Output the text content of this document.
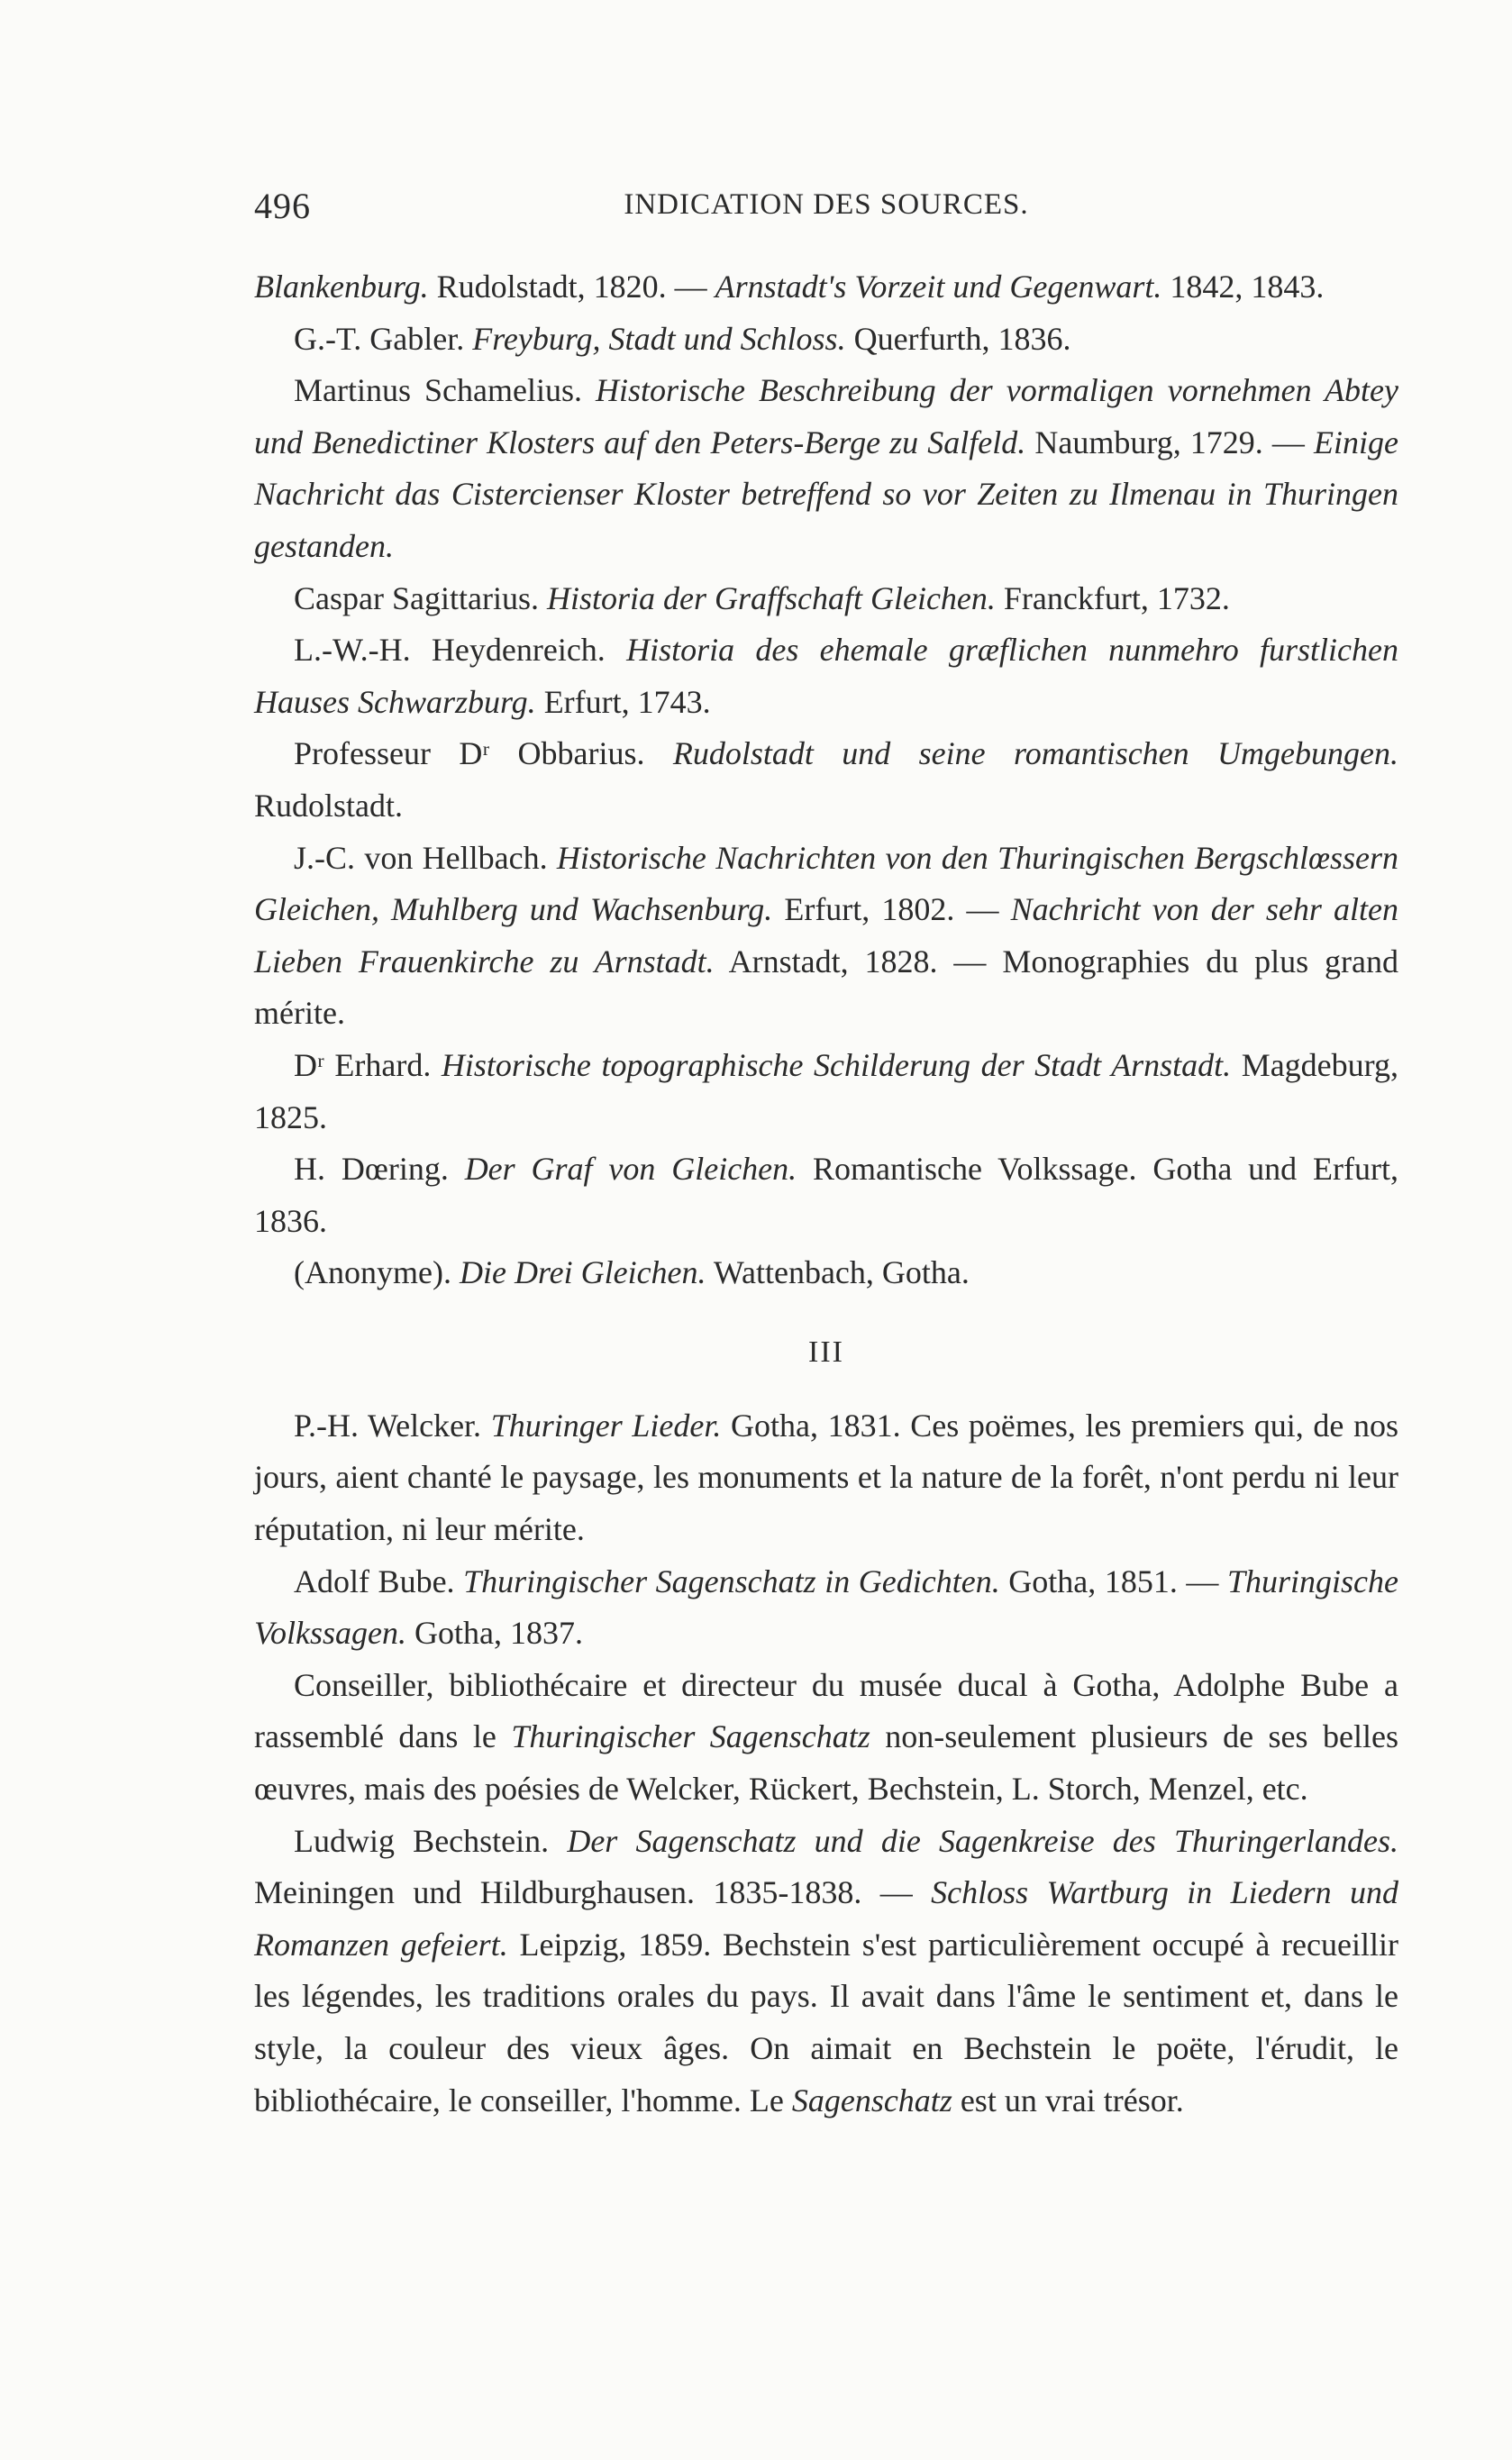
496	INDICATION DES SOURCES.

Blankenburg. Rudolstadt, 1820. — Arnstadt's Vorzeit und Gegenwart. 1842, 1843.

G.-T. Gabler. Freyburg, Stadt und Schloss. Querfurth, 1836.

Martinus Schamelius. Historische Beschreibung der vormaligen vornehmen Abtey und Benedictiner Klosters auf den Peters-Berge zu Salfeld. Naumburg, 1729. — Einige Nachricht das Cistercienser Kloster betreffend so vor Zeiten zu Ilmenau in Thuringen gestanden.

Caspar Sagittarius. Historia der Graffschaft Gleichen. Franckfurt, 1732.

L.-W.-H. Heydenreich. Historia des ehemale græflichen nunmehro furstlichen Hauses Schwarzburg. Erfurt, 1743.

Professeur Dʳ Obbarius. Rudolstadt und seine romantischen Umgebungen. Rudolstadt.

J.-C. von Hellbach. Historische Nachrichten von den Thuringischen Bergschlœssern Gleichen, Muhlberg und Wachsenburg. Erfurt, 1802. — Nachricht von der sehr alten Lieben Frauenkirche zu Arnstadt. Arnstadt, 1828. — Monographies du plus grand mérite.

Dʳ Erhard. Historische topographische Schilderung der Stadt Arnstadt. Magdeburg, 1825.

H. Dœring. Der Graf von Gleichen. Romantische Volkssage. Gotha und Erfurt, 1836.

(Anonyme). Die Drei Gleichen. Wattenbach, Gotha.

III

P.-H. Welcker. Thuringer Lieder. Gotha, 1831. Ces poëmes, les premiers qui, de nos jours, aient chanté le paysage, les monuments et la nature de la forêt, n'ont perdu ni leur réputation, ni leur mérite.

Adolf Bube. Thuringischer Sagenschatz in Gedichten. Gotha, 1851. — Thuringische Volkssagen. Gotha, 1837.

Conseiller, bibliothécaire et directeur du musée ducal à Gotha, Adolphe Bube a rassemblé dans le Thuringischer Sagenschatz non-seulement plusieurs de ses belles œuvres, mais des poésies de Welcker, Rückert, Bechstein, L. Storch, Menzel, etc.

Ludwig Bechstein. Der Sagenschatz und die Sagenkreise des Thuringerlandes. Meiningen und Hildburghausen. 1835-1838. — Schloss Wartburg in Liedern und Romanzen gefeiert. Leipzig, 1859. Bechstein s'est particulièrement occupé à recueillir les légendes, les traditions orales du pays. Il avait dans l'âme le sentiment et, dans le style, la couleur des vieux âges. On aimait en Bechstein le poëte, l'érudit, le bibliothécaire, le conseiller, l'homme. Le Sagenschatz est un vrai trésor.
